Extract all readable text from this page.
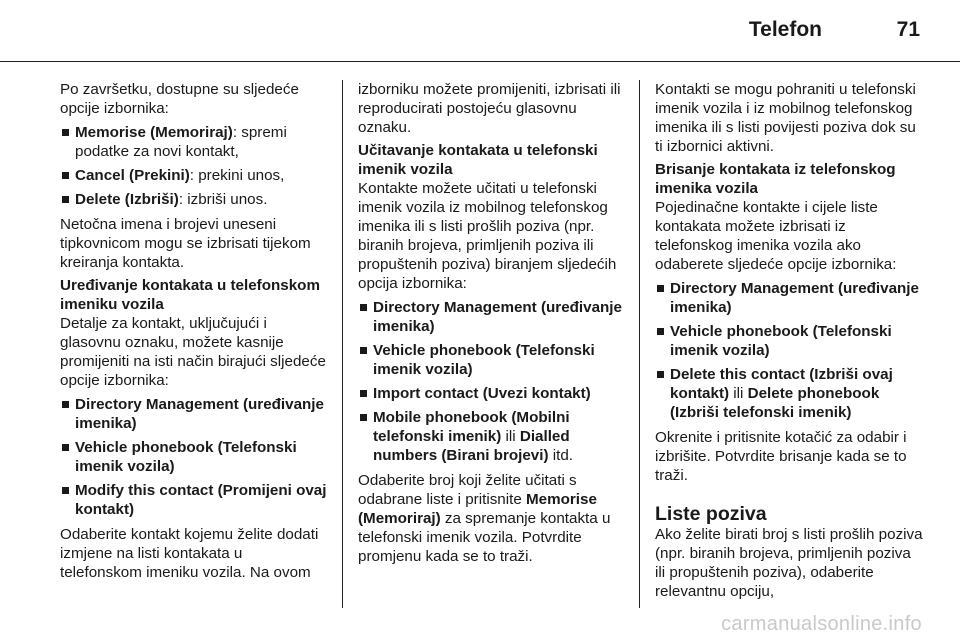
Telefon	71

Po završetku, dostupne su sljedeće opcije izbornika:

Memorise (Memoriraj): spremi podatke za novi kontakt,
Cancel (Prekini): prekini unos,
Delete (Izbriši): izbriši unos.

Netočna imena i brojevi uneseni tipkovnicom mogu se izbrisati tijekom kreiranja kontakta.

Uređivanje kontakata u telefonskom imeniku vozila

Detalje za kontakt, uključujući i glasovnu oznaku, možete kasnije promijeniti na isti način birajući sljedeće opcije izbornika:

Directory Management (uređivanje imenika)
Vehicle phonebook (Telefonski imenik vozila)
Modify this contact (Promijeni ovaj kontakt)

Odaberite kontakt kojemu želite dodati izmjene na listi kontakata u telefonskom imeniku vozila. Na ovom

izborniku možete promijeniti, izbrisati ili reproducirati postojeću glasovnu oznaku.

Učitavanje kontakata u telefonski imenik vozila

Kontakte možete učitati u telefonski imenik vozila iz mobilnog telefonskog imenika ili s listi prošlih poziva (npr. biranih brojeva, primljenih poziva ili propuštenih poziva) biranjem sljedećih opcija izbornika:

Directory Management (uređivanje imenika)
Vehicle phonebook (Telefonski imenik vozila)
Import contact (Uvezi kontakt)
Mobile phonebook (Mobilni telefonski imenik) ili Dialled numbers (Birani brojevi) itd.

Odaberite broj koji želite učitati s odabrane liste i pritisnite Memorise (Memoriraj) za spremanje kontakta u telefonski imenik vozila. Potvrdite promjenu kada se to traži.

Kontakti se mogu pohraniti u telefonski imenik vozila i iz mobilnog telefonskog imenika ili s listi povijesti poziva dok su ti izbornici aktivni.

Brisanje kontakata iz telefonskog imenika vozila

Pojedinačne kontakte i cijele liste kontakata možete izbrisati iz telefonskog imenika vozila ako odaberete sljedeće opcije izbornika:

Directory Management (uređivanje imenika)
Vehicle phonebook (Telefonski imenik vozila)
Delete this contact (Izbriši ovaj kontakt) ili Delete phonebook (Izbriši telefonski imenik)

Okrenite i pritisnite kotačić za odabir i izbrišite. Potvrdite brisanje kada se to traži.

Liste poziva

Ako želite birati broj s listi prošlih poziva (npr. biranih brojeva, primljenih poziva ili propuštenih poziva), odaberite relevantnu opciju,

carmanualsonline.info
